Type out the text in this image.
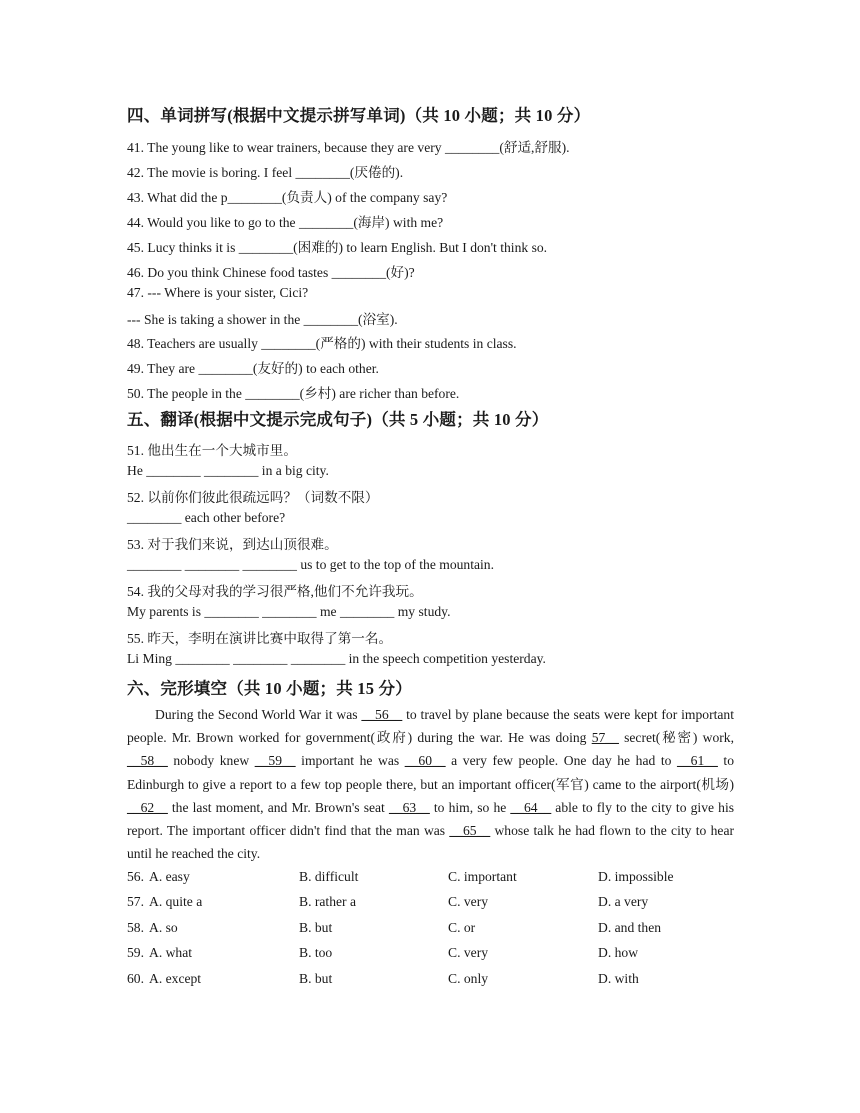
四、单词拼写(根据中文提示拼写单词)（共 10 小题；共 10 分）
41. The young like to wear trainers, because they are very ________(舒适,舒服).
42. The movie is boring. I feel ________(厌倦的).
43. What did the p________(负责人) of the company say?
44. Would you like to go to the ________(海岸) with me?
45. Lucy thinks it is ________(困难的) to learn English. But I don't think so.
46. Do you think Chinese food tastes ________(好)?
47. --- Where is your sister, Cici?
--- She is taking a shower in the ________(浴室).
48. Teachers are usually ________(严格的) with their students in class.
49. They are ________(友好的) to each other.
50. The people in the ________(乡村) are richer than before.
五、翻译(根据中文提示完成句子)（共 5 小题；共 10 分）
51. 他出生在一个大城市里。
He ________ ________ in a big city.
52. 以前你们彼此很疏远吗？（词数不限）
________ each other before?
53. 对于我们来说，到达山顶很难。
________ ________ ________ us to get to the top of the mountain.
54. 我的父母对我的学习很严格,他们不允许我玩。
My parents is ________ ________ me ________ my study.
55. 昨天，李明在演讲比赛中取得了第一名。
Li Ming ________ ________ ________ in the speech competition yesterday.
六、完形填空（共 10 小题；共 15 分）
During the Second World War it was __56__ to travel by plane because the seats were kept for important people. Mr. Brown worked for government(政府) during the war. He was doing 57__ secret(秘密) work, __58__ nobody knew __59__ important he was __60__ a very few people. One day he had to __61__ to Edinburgh to give a report to a few top people there, but an important officer(军官) came to the airport(机场) __62__ the last moment, and Mr. Brown's seat __63__ to him, so he __64__ able to fly to the city to give his report. The important officer didn't find that the man was __65__ whose talk he had flown to the city to hear until he reached the city.
56. A. easy	B. difficult	C. important	D. impossible
57. A. quite a	B. rather a	C. very	D. a very
58. A. so	B. but	C. or	D. and then
59. A. what	B. too	C. very	D. how
60. A. except	B. but	C. only	D. with
